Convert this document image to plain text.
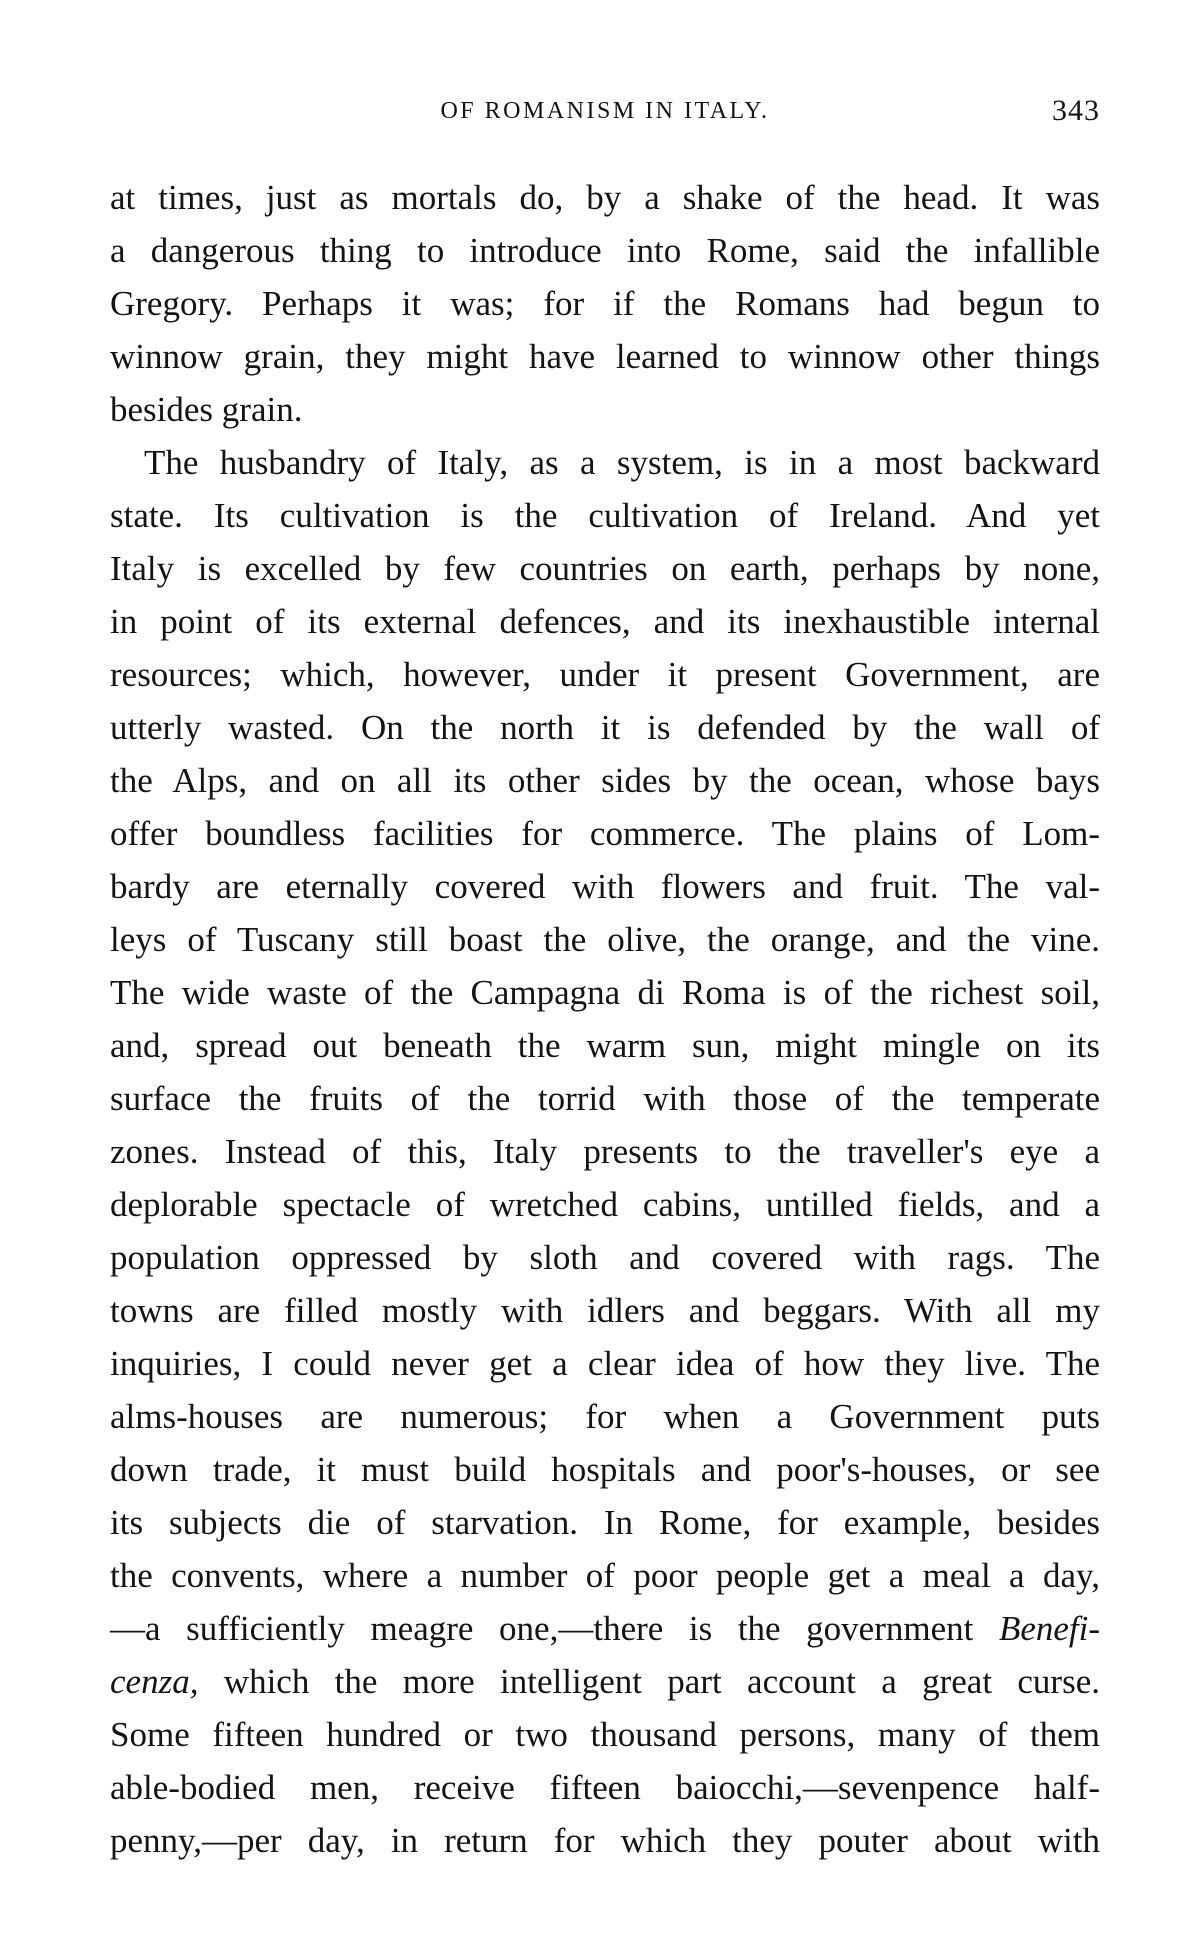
OF ROMANISM IN ITALY.	343
at times, just as mortals do, by a shake of the head. It was
a dangerous thing to introduce into Rome, said the infallible
Gregory. Perhaps it was; for if the Romans had begun to
winnow grain, they might have learned to winnow other things
besides grain.
The husbandry of Italy, as a system, is in a most backward
state. Its cultivation is the cultivation of Ireland. And yet
Italy is excelled by few countries on earth, perhaps by none,
in point of its external defences, and its inexhaustible internal
resources; which, however, under it present Government, are
utterly wasted. On the north it is defended by the wall of
the Alps, and on all its other sides by the ocean, whose bays
offer boundless facilities for commerce. The plains of Lom-
bardy are eternally covered with flowers and fruit. The val-
leys of Tuscany still boast the olive, the orange, and the vine.
The wide waste of the Campagna di Roma is of the richest soil,
and, spread out beneath the warm sun, might mingle on its
surface the fruits of the torrid with those of the temperate
zones. Instead of this, Italy presents to the traveller's eye a
deplorable spectacle of wretched cabins, untilled fields, and a
population oppressed by sloth and covered with rags. The
towns are filled mostly with idlers and beggars. With all my
inquiries, I could never get a clear idea of how they live. The
alms-houses are numerous; for when a Government puts
down trade, it must build hospitals and poor's-houses, or see
its subjects die of starvation. In Rome, for example, besides
the convents, where a number of poor people get a meal a day,
—a sufficiently meagre one,—there is the government Benefi-
cenza, which the more intelligent part account a great curse.
Some fifteen hundred or two thousand persons, many of them
able-bodied men, receive fifteen baiocchi,—sevenpence half-
penny,—per day, in return for which they pouter about with
